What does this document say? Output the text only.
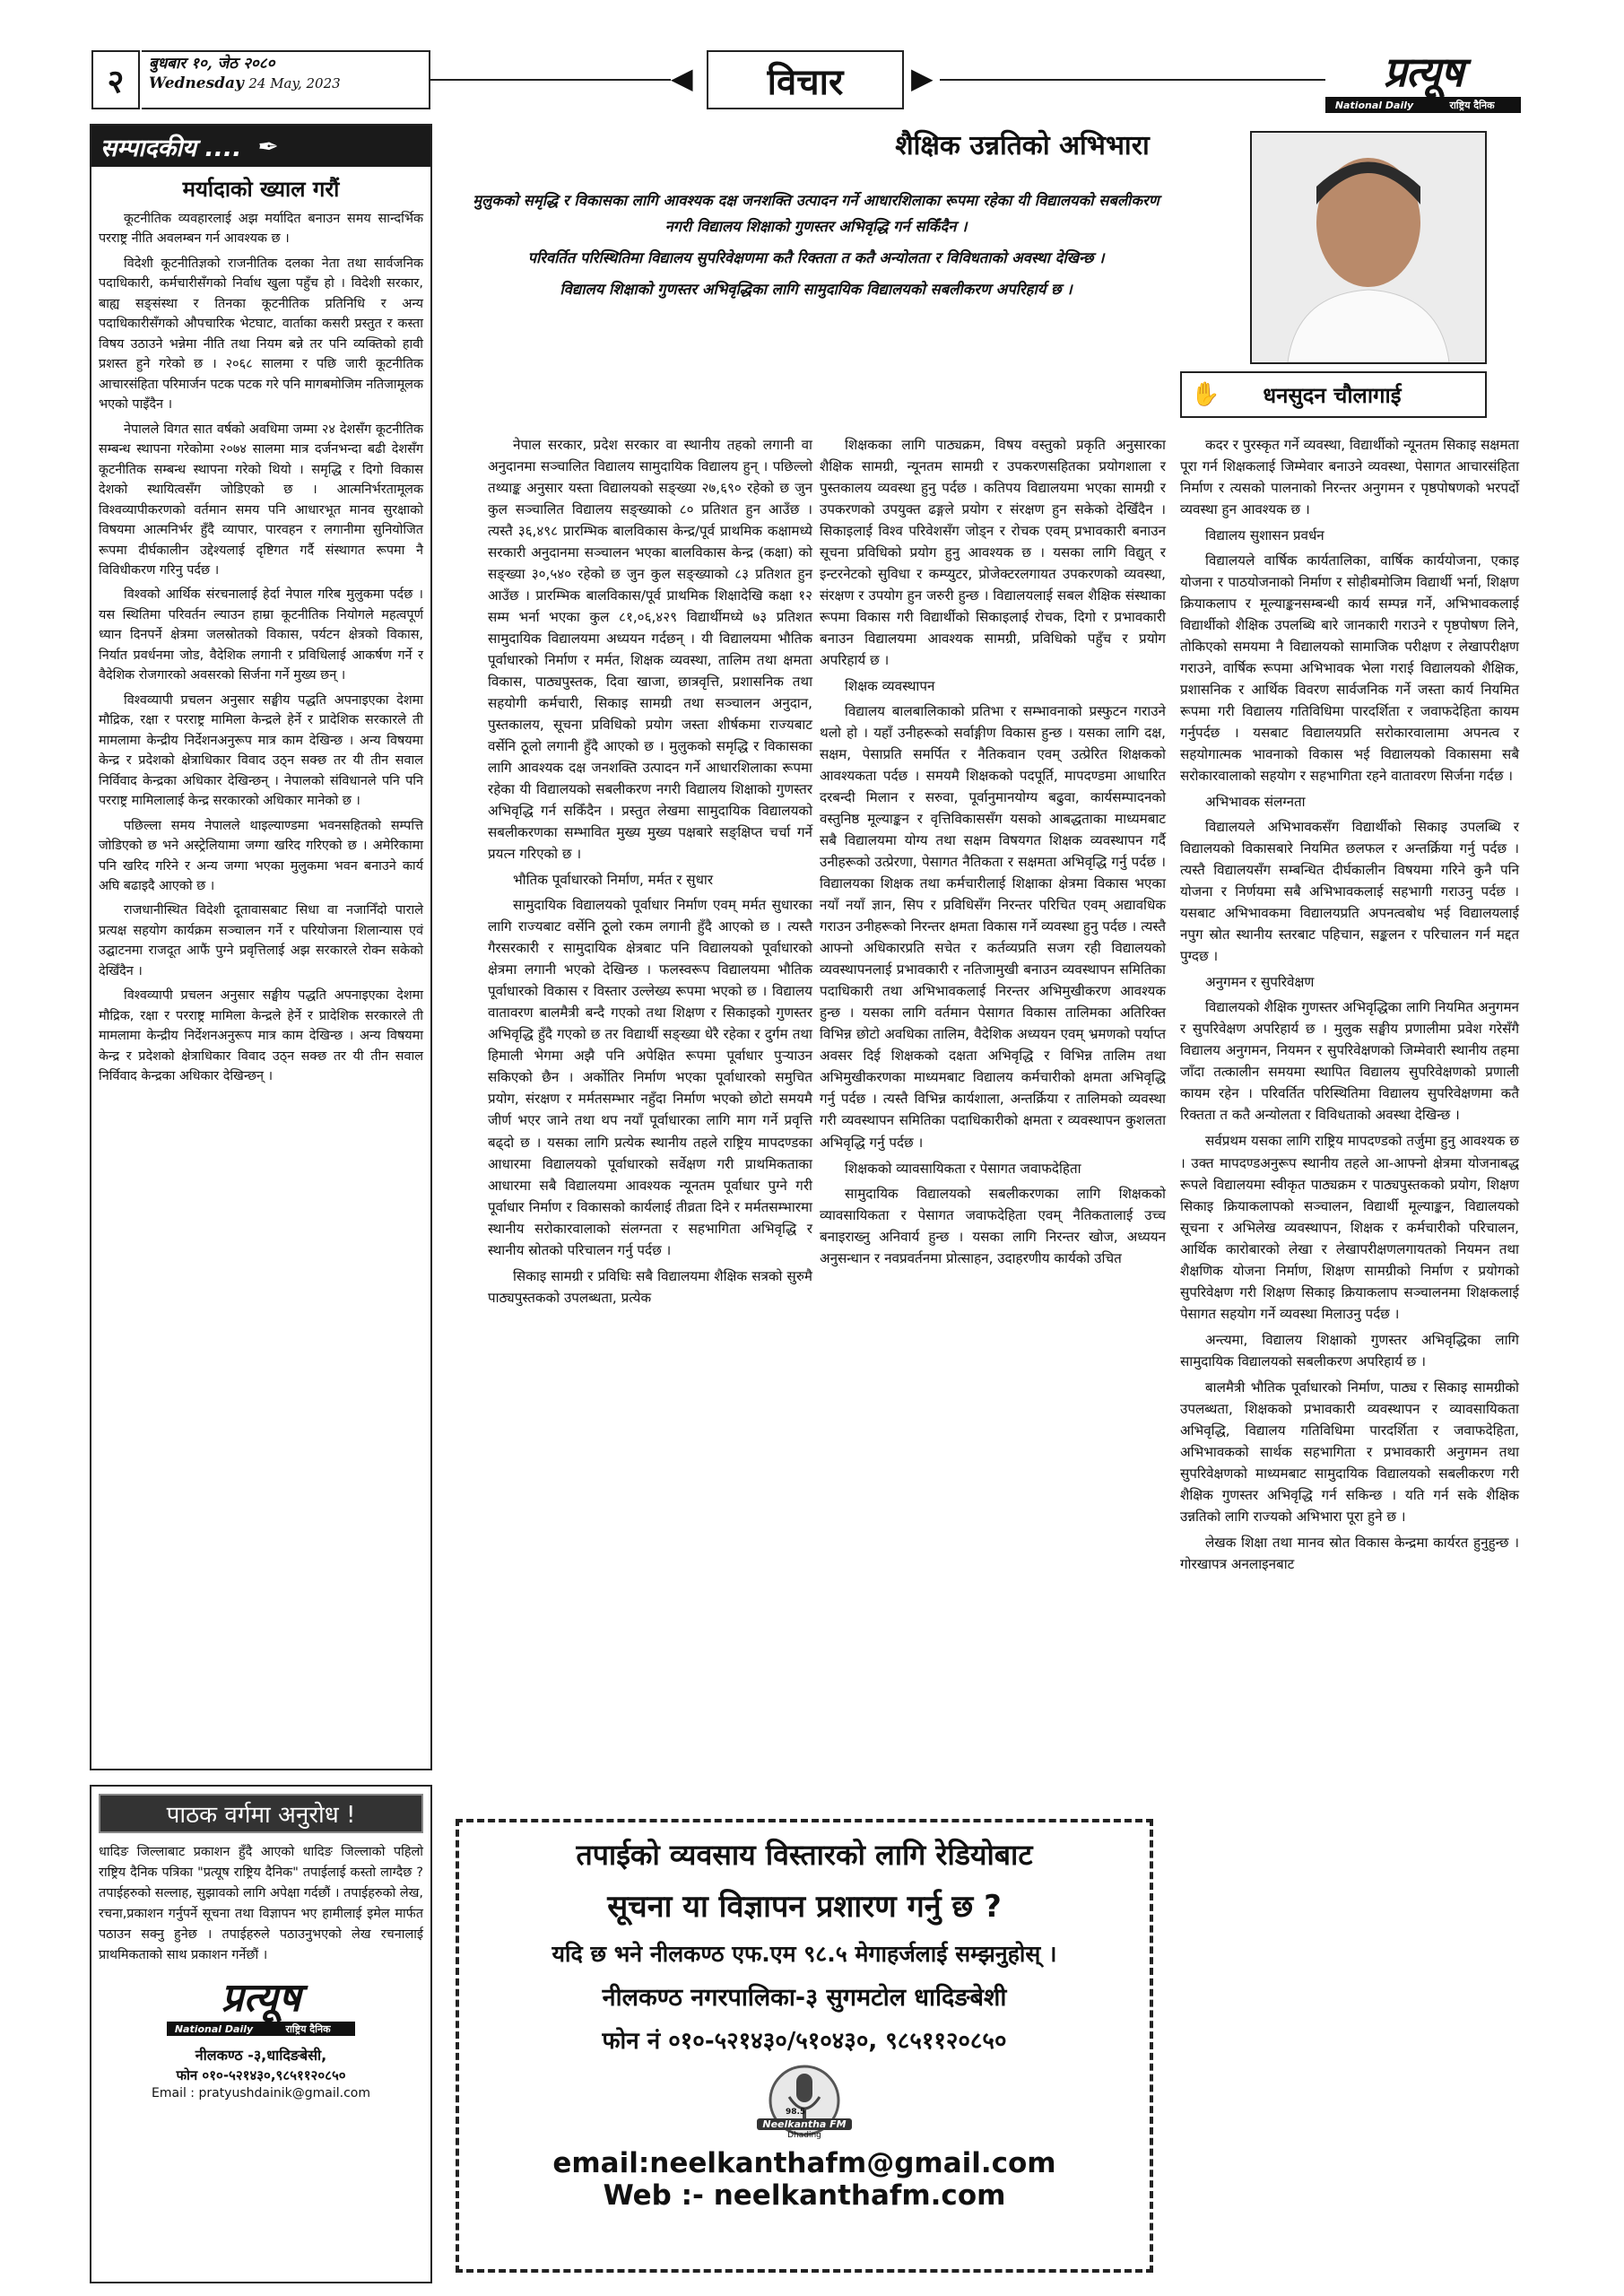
२ बुधबार १०, जेठ २०८०
Wednesday 24 May, 2023	◀ विचार ▶	प्रत्यूष
National Daily	राष्ट्रिय दैनिक
सम्पादकीय .... ✒
मर्यादाको ख्याल गरौं

कूटनीतिक व्यवहारलाई अझ मर्यादित बनाउन समय सान्दर्भिक परराष्ट्र नीति अवलम्बन गर्न आवश्यक छ ।

विदेशी कूटनीतिज्ञको राजनीतिक दलका नेता तथा सार्वजनिक पदाधिकारी, कर्मचारीसँगको निर्वाध खुला पहुँच हो । विदेशी सरकार, बाह्य सङ्संस्था र तिनका कूटनीतिक प्रतिनिधि र अन्य पदाधिकारीसँगको औपचारिक भेटघाट, वार्ताका कसरी प्रस्तुत र कस्ता विषय उठाउने भन्नेमा नीति तथा नियम बन्ने तर पनि व्यक्तिको हावी प्रशस्त हुने गरेको छ । २०६८ सालमा र पछि जारी कूटनीतिक आचारसंहिता परिमार्जन पटक पटक गरे पनि मागबमोजिम नतिजामूलक भएको पाइँदैन ।

नेपालले विगत सात वर्षको अवधिमा जम्मा २४ देशसँग कूटनीतिक सम्बन्ध स्थापना गरेकोमा २०७४ सालमा मात्र दर्जनभन्दा बढी देशसँग कूटनीतिक सम्बन्ध स्थापना गरेको थियो । समृद्धि र दिगो विकास देशको स्थायित्वसँग जोडिएको छ । आत्मनिर्भरतामूलक विश्वव्यापीकरणको वर्तमान समय पनि आधारभूत मानव सुरक्षाको विषयमा आत्मनिर्भर हुँदै व्यापार, पारवहन र लगानीमा सुनियोजित रूपमा दीर्घकालीन उद्देश्यलाई दृष्टिगत गर्दै संस्थागत रूपमा नै विविधीकरण गरिनु पर्दछ ।

विश्वको आर्थिक संरचनालाई हेर्दा नेपाल गरिब मुलुकमा पर्दछ । यस स्थितिमा परिवर्तन ल्याउन हाम्रा कूटनीतिक नियोगले महत्वपूर्ण ध्यान दिनपर्ने क्षेत्रमा जलस्रोतको विकास, पर्यटन क्षेत्रको विकास, निर्यात प्रवर्धनमा जोड, वैदेशिक लगानी र प्रविधिलाई आकर्षण गर्ने र वैदेशिक रोजगारको अवसरको सिर्जना गर्ने मुख्य छन् ।

विश्वव्यापी प्रचलन अनुसार सङ्घीय पद्धति अपनाइएका देशमा मौद्रिक, रक्षा र परराष्ट्र मामिला केन्द्रले हेर्ने र प्रादेशिक सरकारले ती मामलामा केन्द्रीय निर्देशनअनुरूप मात्र काम देखिन्छ । अन्य विषयमा केन्द्र र प्रदेशको क्षेत्राधिकार विवाद उठ्न सक्छ तर यी तीन सवाल निर्विवाद केन्द्रका अधिकार देखिन्छन् । नेपालको संविधानले पनि पनि परराष्ट्र मामिलालाई केन्द्र सरकारको अधिकार मानेको छ ।

पछिल्ला समय नेपालले थाइल्याण्डमा भवनसहितको सम्पत्ति जोडिएको छ भने अस्ट्रेलियामा जग्गा खरिद गरिएको छ । अमेरिकामा पनि खरिद गरिने र अन्य जग्गा भएका मुलुकमा भवन बनाउने कार्य अघि बढाइदै आएको छ ।

राजधानीस्थित विदेशी दूतावासबाट सिधा वा नजानिँदो पाराले प्रत्यक्ष सहयोग कार्यक्रम सञ्चालन गर्ने र परियोजना शिलान्यास एवं उद्घाटनमा राजदूत आफैं पुग्ने प्रवृत्तिलाई अझ सरकारले रोक्न सकेको देखिँदैन ।

विश्वव्यापी प्रचलन अनुसार सङ्घीय पद्धति अपनाइएका देशमा मौद्रिक, रक्षा र परराष्ट्र मामिला केन्द्रले हेर्ने र प्रादेशिक सरकारले ती मामलामा केन्द्रीय निर्देशनअनुरूप मात्र काम देखिन्छ । अन्य विषयमा केन्द्र र प्रदेशको क्षेत्राधिकार विवाद उठ्न सक्छ तर यी तीन सवाल निर्विवाद केन्द्रका अधिकार देखिन्छन् ।

पाठक वर्गमा अनुरोध !
धादिङ जिल्लाबाट प्रकाशन हुँदै आएको धादिङ जिल्लाको पहिलो राष्ट्रिय दैनिक पत्रिका "प्रत्यूष राष्ट्रिय दैनिक" तपाईलाई कस्तो लाग्दैछ ? तपाईहरुको सल्लाह, सुझावको लागि अपेक्षा गर्दछौं । तपाईहरुको लेख, रचना,प्रकाशन गर्नुपर्ने सूचना तथा विज्ञापन भए हामीलाई इमेल मार्फत पठाउन सक्नु हुनेछ । तपाईहरुले पठाउनुभएको लेख रचनालाई प्राथमिकताको साथ प्रकाशन गर्नेछौं ।
प्रत्यूष
National Daily	राष्ट्रिय दैनिक
नीलकण्ठ -३,धादिङबेसी,
फोन ०१०-५२१४३०,९८५११२०८५०
Email : pratyushdainik@gmail.com
शैक्षिक उन्नतिको अभिभारा

मुलुकको समृद्धि र विकासका लागि आवश्यक दक्ष जनशक्ति उत्पादन गर्ने आधारशिलाका रूपमा रहेका यी विद्यालयको सबलीकरण नगरी विद्यालय शिक्षाको गुणस्तर अभिवृद्धि गर्न सकिँदैन ।

परिवर्तित परिस्थितिमा विद्यालय सुपरिवेक्षणमा कतै रिक्तता त कतै अन्योलता र विविधताको अवस्था देखिन्छ ।

विद्यालय शिक्षाको गुणस्तर अभिवृद्धिका लागि सामुदायिक विद्यालयको सबलीकरण अपरिहार्य छ ।

✋ धनसुदन चौलागाई

नेपाल सरकार, प्रदेश सरकार वा स्थानीय तहको लगानी वा अनुदानमा सञ्चालित विद्यालय सामुदायिक विद्यालय हुन् । पछिल्लो तथ्याङ्क अनुसार यस्ता विद्यालयको सङ्ख्या २७,६९० रहेको छ जुन कुल सञ्चालित विद्यालय सङ्ख्याको ८० प्रतिशत हुन आउँछ । त्यस्तै ३६,४९८ प्रारम्भिक बालविकास केन्द्र/पूर्व प्राथमिक कक्षामध्ये सरकारी अनुदानमा सञ्चालन भएका बालविकास केन्द्र (कक्षा) को सङ्ख्या ३०,५४० रहेको छ जुन कुल सङ्ख्याको ८३ प्रतिशत हुन आउँछ । प्रारम्भिक बालविकास/पूर्व प्राथमिक शिक्षादेखि कक्षा १२ सम्म भर्ना भएका कुल ८१,०६,४२९ विद्यार्थीमध्ये ७३ प्रतिशत सामुदायिक विद्यालयमा अध्ययन गर्दछन् । यी विद्यालयमा भौतिक पूर्वाधारको निर्माण र मर्मत, शिक्षक व्यवस्था, तालिम तथा क्षमता विकास, पाठ्यपुस्तक, दिवा खाजा, छात्रवृत्ति, प्रशासनिक तथा सहयोगी कर्मचारी, सिकाइ सामग्री तथा सञ्चालन अनुदान, पुस्तकालय, सूचना प्रविधिको प्रयोग जस्ता शीर्षकमा राज्यबाट वर्सेनि ठूलो लगानी हुँदै आएको छ । मुलुकको समृद्धि र विकासका लागि आवश्यक दक्ष जनशक्ति उत्पादन गर्ने आधारशिलाका रूपमा रहेका यी विद्यालयको सबलीकरण नगरी विद्यालय शिक्षाको गुणस्तर अभिवृद्धि गर्न सकिँदैन । प्रस्तुत लेखमा सामुदायिक विद्यालयको सबलीकरणका सम्भावित मुख्य मुख्य पक्षबारे सङ्क्षिप्त चर्चा गर्ने प्रयत्न गरिएको छ ।

भौतिक पूर्वाधारको निर्माण, मर्मत र सुधार

सामुदायिक विद्यालयको पूर्वाधार निर्माण एवम् मर्मत सुधारका लागि राज्यबाट वर्सेनि ठूलो रकम लगानी हुँदै आएको छ । त्यस्तै गैरसरकारी र सामुदायिक क्षेत्रबाट पनि विद्यालयको पूर्वाधारको क्षेत्रमा लगानी भएको देखिन्छ । फलस्वरूप विद्यालयमा भौतिक पूर्वाधारको विकास र विस्तार उल्लेख्य रूपमा भएको छ । विद्यालय वातावरण बालमैत्री बन्दै गएको तथा शिक्षण र सिकाइको गुणस्तर अभिवृद्धि हुँदै गएको छ तर विद्यार्थी सङ्ख्या धेरै रहेका र दुर्गम तथा हिमाली भेगमा अझै पनि अपेक्षित रूपमा पूर्वाधार पुऱ्याउन सकिएको छैन । अर्कोतिर निर्माण भएका पूर्वाधारको समुचित प्रयोग, संरक्षण र मर्मतसम्भार नहुँदा निर्माण भएको छोटो समयमै जीर्ण भएर जाने तथा थप नयाँ पूर्वाधारका लागि माग गर्ने प्रवृत्ति बढ्दो छ । यसका लागि प्रत्येक स्थानीय तहले राष्ट्रिय मापदण्डका आधारमा विद्यालयको पूर्वाधारको सर्वेक्षण गरी प्राथमिकताका आधारमा सबै विद्यालयमा आवश्यक न्यूनतम पूर्वाधार पुग्ने गरी पूर्वाधार निर्माण र विकासको कार्यलाई तीव्रता दिने र मर्मतसम्भारमा स्थानीय सरोकारवालाको संलग्नता र सहभागिता अभिवृद्धि र स्थानीय स्रोतको परिचालन गर्नु पर्दछ ।

सिकाइ सामग्री र प्रविधिः सबै विद्यालयमा शैक्षिक सत्रको सुरुमै पाठ्यपुस्तकको उपलब्धता, प्रत्येक

शिक्षकका लागि पाठ्यक्रम, विषय वस्तुको प्रकृति अनुसारका शैक्षिक सामग्री, न्यूनतम सामग्री र उपकरणसहितका प्रयोगशाला र पुस्तकालय व्यवस्था हुनु पर्दछ । कतिपय विद्यालयमा भएका सामग्री र उपकरणको उपयुक्त ढङ्गले प्रयोग र संरक्षण हुन सकेको देखिँदैन । सिकाइलाई विश्व परिवेशसँग जोड्न र रोचक एवम् प्रभावकारी बनाउन सूचना प्रविधिको प्रयोग हुनु आवश्यक छ । यसका लागि विद्युत् र इन्टरनेटको सुविधा र कम्प्युटर, प्रोजेक्टरलगायत उपकरणको व्यवस्था, संरक्षण र उपयोग हुन जरुरी हुन्छ । विद्यालयलाई सबल शैक्षिक संस्थाका रूपमा विकास गरी विद्यार्थीको सिकाइलाई रोचक, दिगो र प्रभावकारी बनाउन विद्यालयमा आवश्यक सामग्री, प्रविधिको पहुँच र प्रयोग अपरिहार्य छ ।

शिक्षक व्यवस्थापन

विद्यालय बालबालिकाको प्रतिभा र सम्भावनाको प्रस्फुटन गराउने थलो हो । यहाँ उनीहरूको सर्वाङ्गीण विकास हुन्छ । यसका लागि दक्ष, सक्षम, पेसाप्रति समर्पित र नैतिकवान एवम् उत्प्रेरित शिक्षकको आवश्यकता पर्दछ । समयमै शिक्षकको पदपूर्ति, मापदण्डमा आधारित दरबन्दी मिलान र सरुवा, पूर्वानुमानयोग्य बढुवा, कार्यसम्पादनको वस्तुनिष्ठ मूल्याङ्कन र वृत्तिविकाससँग यसको आबद्धताका माध्यमबाट सबै विद्यालयमा योग्य तथा सक्षम विषयगत शिक्षक व्यवस्थापन गर्दै उनीहरूको उत्प्रेरणा, पेसागत नैतिकता र सक्षमता अभिवृद्धि गर्नु पर्दछ । विद्यालयका शिक्षक तथा कर्मचारीलाई शिक्षाका क्षेत्रमा विकास भएका नयाँ नयाँ ज्ञान, सिप र प्रविधिसँग निरन्तर परिचित एवम् अद्यावधिक गराउन उनीहरूको निरन्तर क्षमता विकास गर्ने व्यवस्था हुनु पर्दछ । त्यस्तै आफ्नो अधिकारप्रति सचेत र कर्तव्यप्रति सजग रही विद्यालयको व्यवस्थापनलाई प्रभावकारी र नतिजामुखी बनाउन व्यवस्थापन समितिका पदाधिकारी तथा अभिभावकलाई निरन्तर अभिमुखीकरण आवश्यक हुन्छ । यसका लागि वर्तमान पेसागत विकास तालिमका अतिरिक्त विभिन्न छोटो अवधिका तालिम, वैदेशिक अध्ययन एवम् भ्रमणको पर्याप्त अवसर दिई शिक्षकको दक्षता अभिवृद्धि र विभिन्न तालिम तथा अभिमुखीकरणका माध्यमबाट विद्यालय कर्मचारीको क्षमता अभिवृद्धि गर्नु पर्दछ । त्यस्तै विभिन्न कार्यशाला, अन्तर्क्रिया र तालिमको व्यवस्था गरी व्यवस्थापन समितिका पदाधिकारीको क्षमता र व्यवस्थापन कुशलता अभिवृद्धि गर्नु पर्दछ ।

शिक्षकको व्यावसायिकता र पेसागत जवाफदेहिता

सामुदायिक विद्यालयको सबलीकरणका लागि शिक्षकको व्यावसायिकता र पेसागत जवाफदेहिता एवम् नैतिकतालाई उच्च बनाइराख्नु अनिवार्य हुन्छ । यसका लागि निरन्तर खोज, अध्ययन अनुसन्धान र नवप्रवर्तनमा प्रोत्साहन, उदाहरणीय कार्यको उचित

कदर र पुरस्कृत गर्ने व्यवस्था, विद्यार्थीको न्यूनतम सिकाइ सक्षमता पूरा गर्न शिक्षकलाई जिम्मेवार बनाउने व्यवस्था, पेसागत आचारसंहिता निर्माण र त्यसको पालनाको निरन्तर अनुगमन र पृष्ठपोषणको भरपर्दो व्यवस्था हुन आवश्यक छ ।

विद्यालय सुशासन प्रवर्धन

विद्यालयले वार्षिक कार्यतालिका, वार्षिक कार्ययोजना, एकाइ योजना र पाठयोजनाको निर्माण र सोहीबमोजिम विद्यार्थी भर्ना, शिक्षण क्रियाकलाप र मूल्याङ्कनसम्बन्धी कार्य सम्पन्न गर्ने, अभिभावकलाई विद्यार्थीको शैक्षिक उपलब्धि बारे जानकारी गराउने र पृष्ठपोषण लिने, तोकिएको समयमा नै विद्यालयको सामाजिक परीक्षण र लेखापरीक्षण गराउने, वार्षिक रूपमा अभिभावक भेला गराई विद्यालयको शैक्षिक, प्रशासनिक र आर्थिक विवरण सार्वजनिक गर्ने जस्ता कार्य नियमित रूपमा गरी विद्यालय गतिविधिमा पारदर्शिता र जवाफदेहिता कायम गर्नुपर्दछ । यसबाट विद्यालयप्रति सरोकारवालामा अपनत्व र सहयोगात्मक भावनाको विकास भई विद्यालयको विकासमा सबै सरोकारवालाको सहयोग र सहभागिता रहने वातावरण सिर्जना गर्दछ ।

अभिभावक संलग्नता

विद्यालयले अभिभावकसँग विद्यार्थीको सिकाइ उपलब्धि र विद्यालयको विकासबारे नियमित छलफल र अन्तर्क्रिया गर्नु पर्दछ । त्यस्तै विद्यालयसँग सम्बन्धित दीर्घकालीन विषयमा गरिने कुनै पनि योजना र निर्णयमा सबै अभिभावकलाई सहभागी गराउनु पर्दछ । यसबाट अभिभावकमा विद्यालयप्रति अपनत्वबोध भई विद्यालयलाई नपुग स्रोत स्थानीय स्तरबाट पहिचान, सङ्कलन र परिचालन गर्न मद्दत पुग्दछ ।

अनुगमन र सुपरिवेक्षण

विद्यालयको शैक्षिक गुणस्तर अभिवृद्धिका लागि नियमित अनुगमन र सुपरिवेक्षण अपरिहार्य छ । मुलुक सङ्घीय प्रणालीमा प्रवेश गरेसँगै विद्यालय अनुगमन, नियमन र सुपरिवेक्षणको जिम्मेवारी स्थानीय तहमा जाँदा तत्कालीन समयमा स्थापित विद्यालय सुपरिवेक्षणको प्रणाली कायम रहेन । परिवर्तित परिस्थितिमा विद्यालय सुपरिवेक्षणमा कतै रिक्तता त कतै अन्योलता र विविधताको अवस्था देखिन्छ ।

सर्वप्रथम यसका लागि राष्ट्रिय मापदण्डको तर्जुमा हुनु आवश्यक छ । उक्त मापदण्डअनुरूप स्थानीय तहले आ-आफ्नो क्षेत्रमा योजनाबद्ध रूपले विद्यालयमा स्वीकृत पाठ्यक्रम र पाठ्यपुस्तकको प्रयोग, शिक्षण सिकाइ क्रियाकलापको सञ्चालन, विद्यार्थी मूल्याङ्कन, विद्यालयको सूचना र अभिलेख व्यवस्थापन, शिक्षक र कर्मचारीको परिचालन, आर्थिक कारोबारको लेखा र लेखापरीक्षणलगायतको नियमन तथा शैक्षणिक योजना निर्माण, शिक्षण सामग्रीको निर्माण र प्रयोगको सुपरिवेक्षण गरी शिक्षण सिकाइ क्रियाकलाप सञ्चालनमा शिक्षकलाई पेसागत सहयोग गर्ने व्यवस्था मिलाउनु पर्दछ ।

अन्त्यमा, विद्यालय शिक्षाको गुणस्तर अभिवृद्धिका लागि सामुदायिक विद्यालयको सबलीकरण अपरिहार्य छ ।

बालमैत्री भौतिक पूर्वाधारको निर्माण, पाठ्य र सिकाइ सामग्रीको उपलब्धता, शिक्षकको प्रभावकारी व्यवस्थापन र व्यावसायिकता अभिवृद्धि, विद्यालय गतिविधिमा पारदर्शिता र जवाफदेहिता, अभिभावकको सार्थक सहभागिता र प्रभावकारी अनुगमन तथा सुपरिवेक्षणको माध्यमबाट सामुदायिक विद्यालयको सबलीकरण गरी शैक्षिक गुणस्तर अभिवृद्धि गर्न सकिन्छ । यति गर्न सके शैक्षिक उन्नतिको लागि राज्यको अभिभारा पूरा हुने छ ।

लेखक शिक्षा तथा मानव स्रोत विकास केन्द्रमा कार्यरत हुनुहुन्छ । गोरखापत्र अनलाइनबाट

तपाईको व्यवसाय विस्तारको लागि रेडियोबाट
सूचना या विज्ञापन प्रशारण गर्नु छ ?
यदि छ भने नीलकण्ठ एफ.एम ९८.५ मेगाहर्जलाई सम्झनुहोस् ।
नीलकण्ठ नगरपालिका-३ सुगमटोल धादिङबेशी
फोन नं ०१०-५२१४३०/५१०४३०, ९८५११२०८५०
98.5
Neelkantha FM
Dhading
email:neelkanthafm@gmail.com
Web :- neelkanthafm.com
